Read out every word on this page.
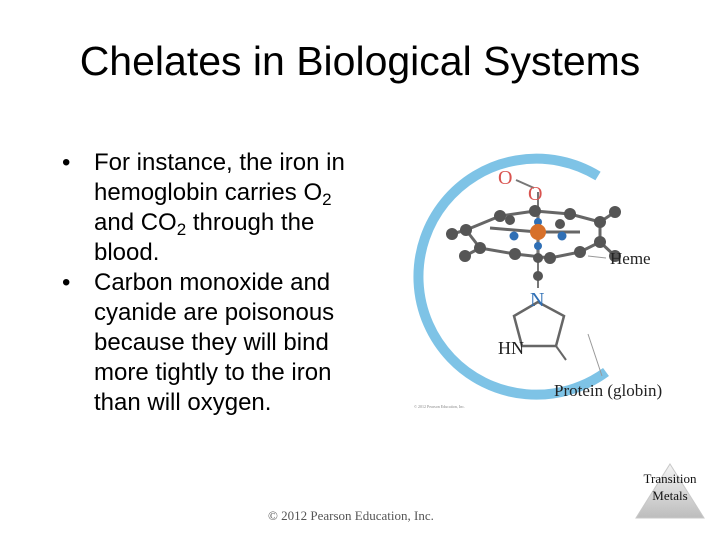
Chelates in Biological Systems
• For instance, the iron in hemoglobin carries $O_2$ and $CO_2$ through the blood.
• Carbon monoxide and cyanide are poisonous because they will bind more tightly to the iron than will oxygen.
O
O
N
HN
Heme
Protein (globin)
© 2012 Pearson Education, Inc.
© 2012 Pearson Education, Inc.
Transition
Metals
